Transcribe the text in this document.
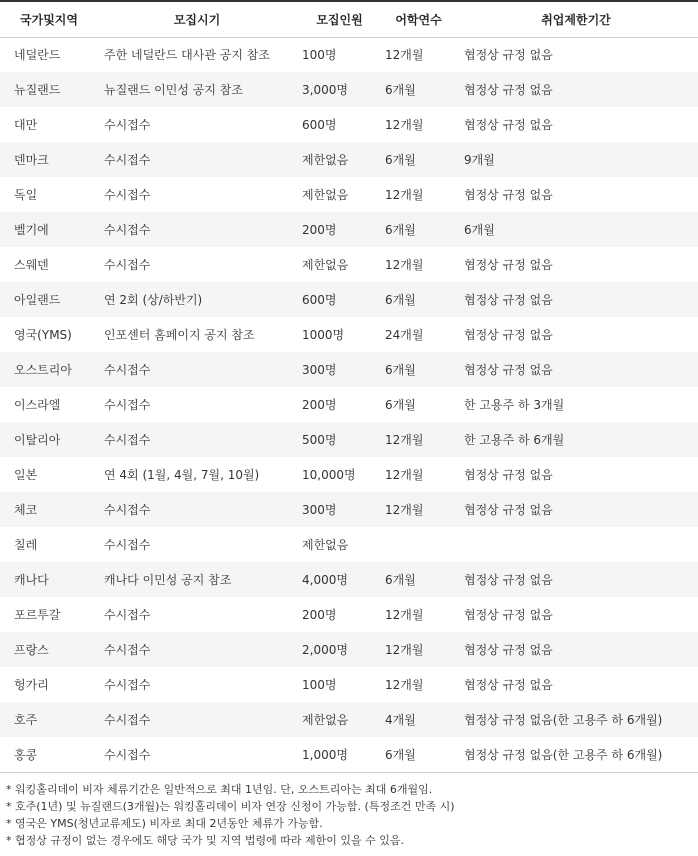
국가및지역	모집시기	모집인원	어학연수	취업제한기간
네덜란드	주한 네덜란드 대사관 공지 참조	100명	12개월	협정상 규정 없음
뉴질랜드	뉴질랜드 이민성 공지 참조	3,000명	6개월	협정상 규정 없음
대만	수시접수	600명	12개월	협정상 규정 없음
덴마크	수시접수	제한없음	6개월	9개월
독일	수시접수	제한없음	12개월	협정상 규정 없음
벨기에	수시접수	200명	6개월	6개월
스웨덴	수시접수	제한없음	12개월	협정상 규정 없음
아일랜드	연 2회 (상/하반기)	600명	6개월	협정상 규정 없음
영국(YMS)	인포센터 홈페이지 공지 참조	1000명	24개월	협정상 규정 없음
오스트리아	수시접수	300명	6개월	협정상 규정 없음
이스라엘	수시접수	200명	6개월	한 고용주 하 3개월
이탈리아	수시접수	500명	12개월	한 고용주 하 6개월
일본	연 4회 (1월, 4월, 7월, 10월)	10,000명	12개월	협정상 규정 없음
체코	수시접수	300명	12개월	협정상 규정 없음
칠레	수시접수	제한없음		
캐나다	캐나다 이민성 공지 참조	4,000명	6개월	협정상 규정 없음
포르투갈	수시접수	200명	12개월	협정상 규정 없음
프랑스	수시접수	2,000명	12개월	협정상 규정 없음
헝가리	수시접수	100명	12개월	협정상 규정 없음
호주	수시접수	제한없음	4개월	협정상 규정 없음(한 고용주 하 6개월)
홍콩	수시접수	1,000명	6개월	협정상 규정 없음(한 고용주 하 6개월)
* 워킹홀리데이 비자 체류기간은 일반적으로 최대 1년임. 단, 오스트리아는 최대 6개월임.
* 호주(1년) 및 뉴질랜드(3개월)는 워킹홀리데이 비자 연장 신청이 가능함. (특정조건 만족 시)
* 영국은 YMS(청년교류제도) 비자로 최대 2년동안 체류가 가능함.
* 협정상 규정이 없는 경우에도 해당 국가 및 지역 법령에 따라 제한이 있을 수 있음.
